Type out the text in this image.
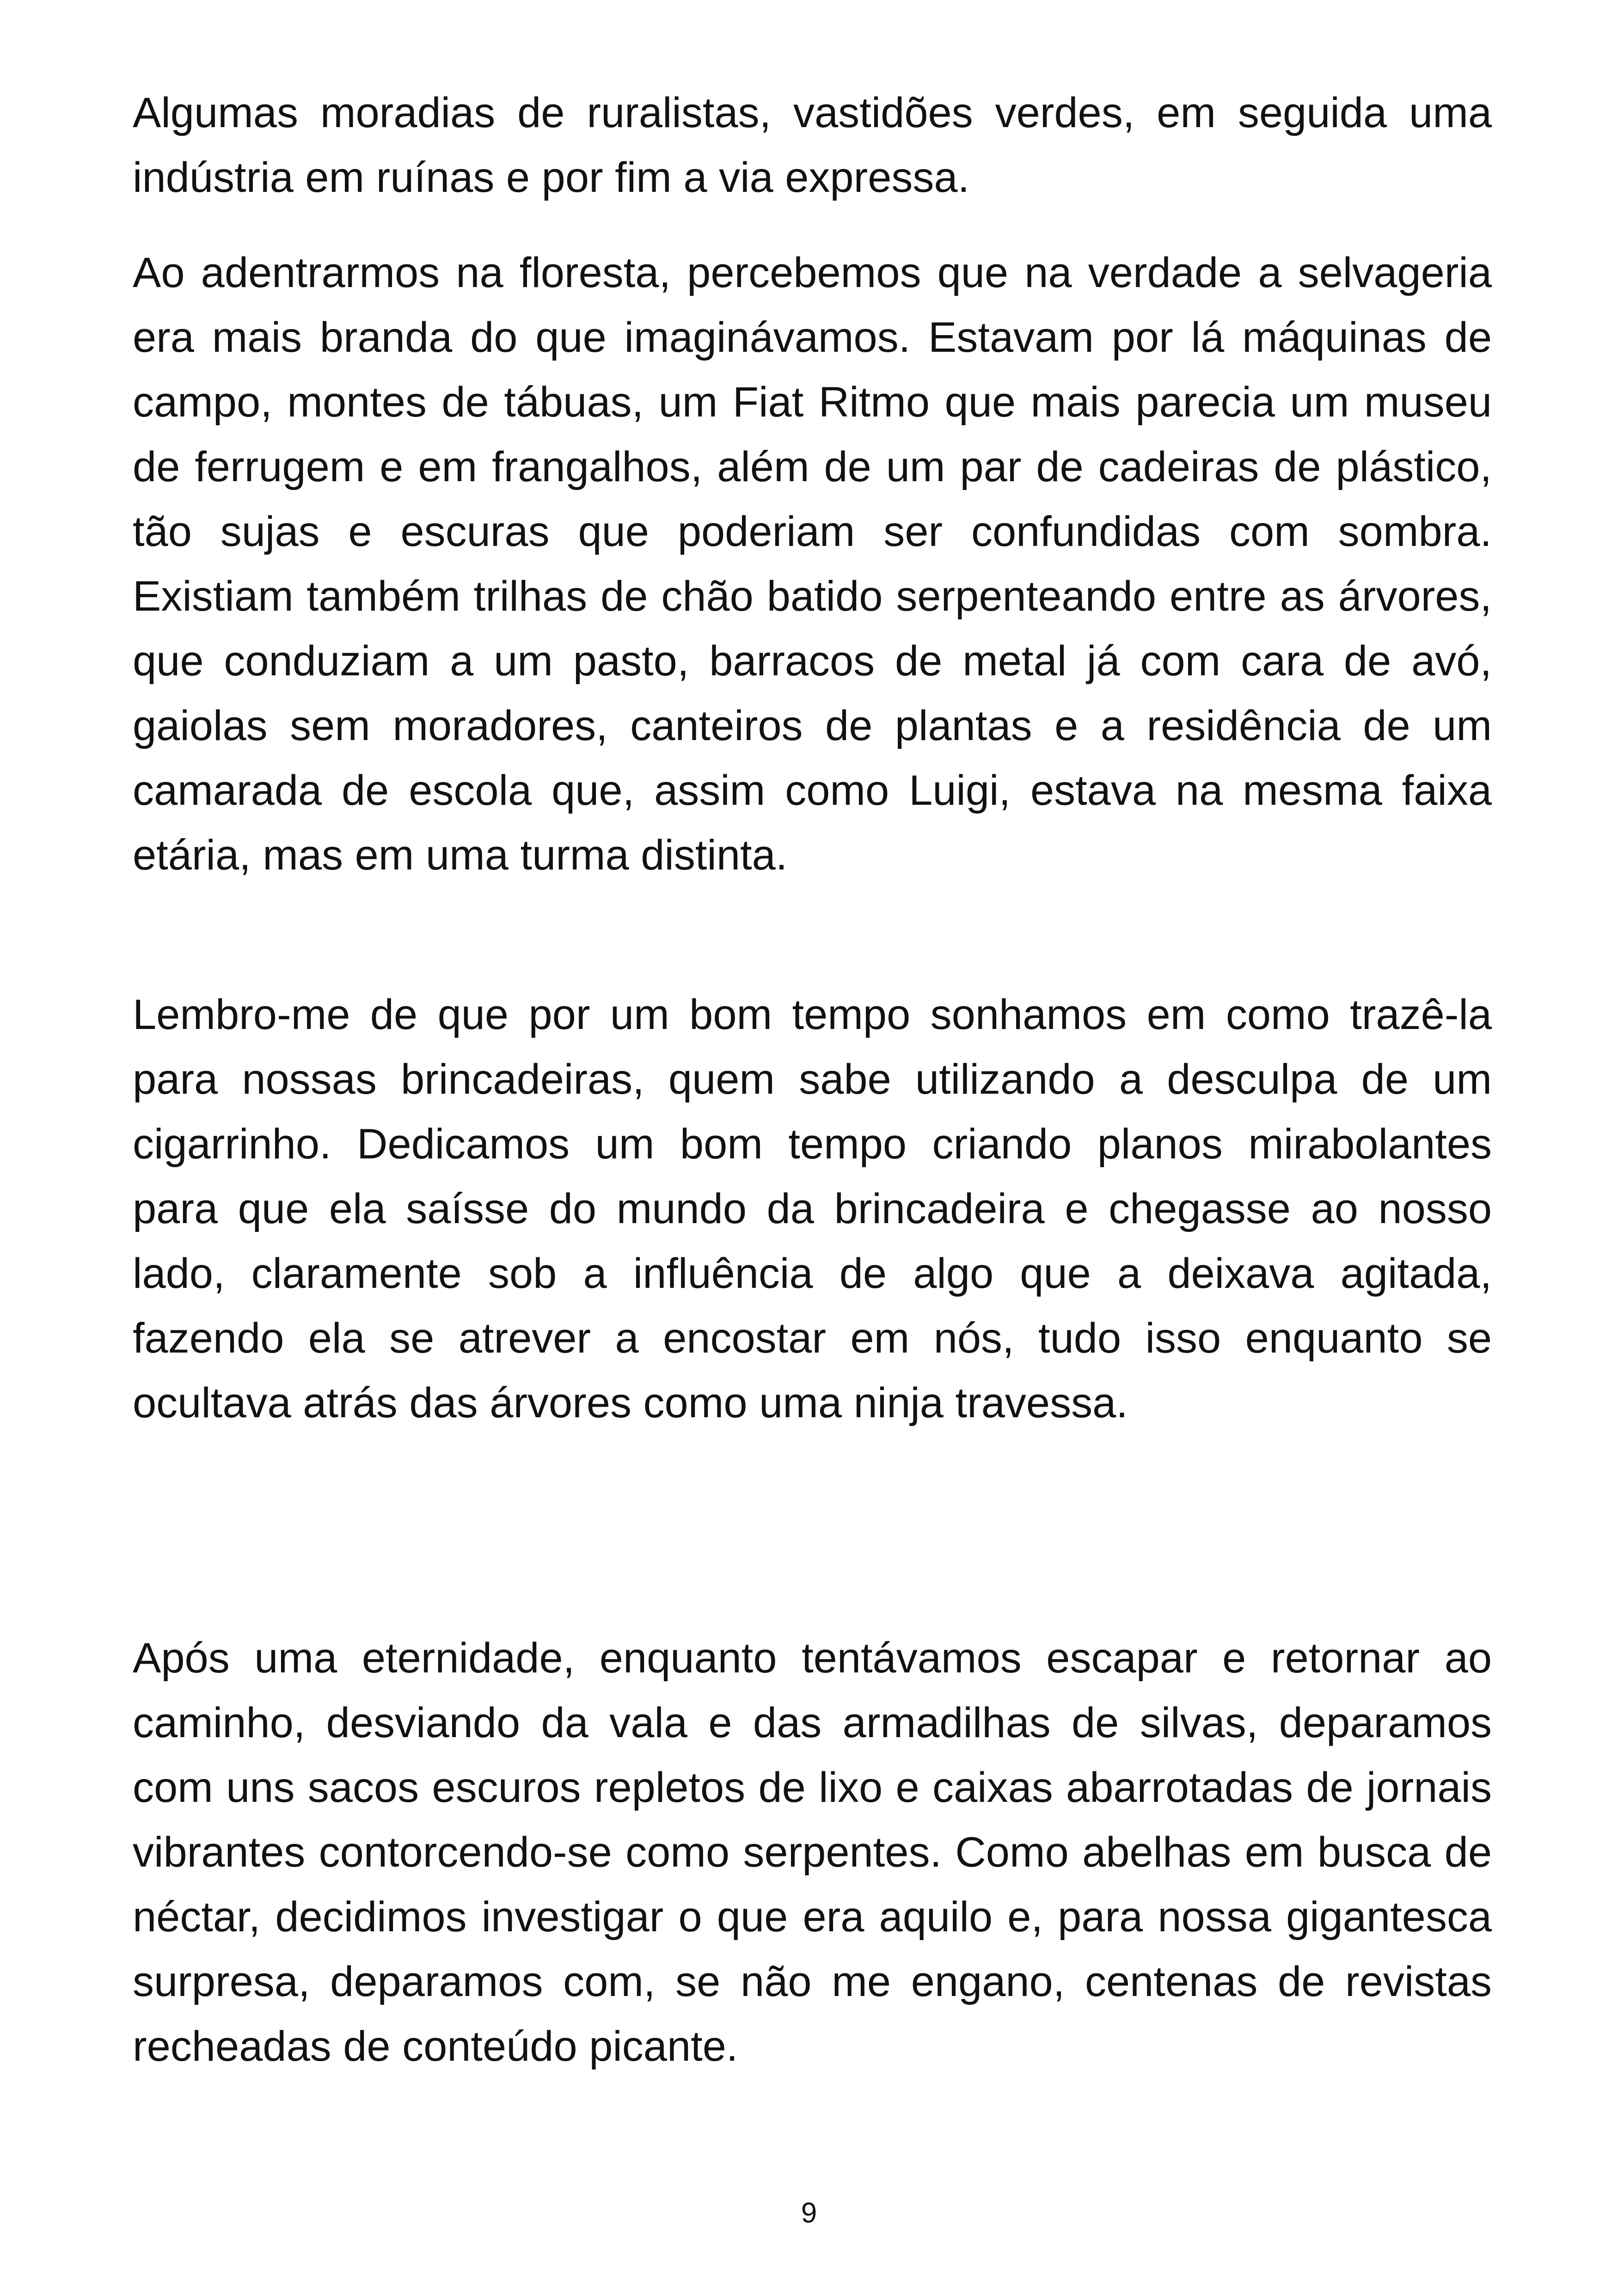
Algumas moradias de ruralistas, vastidões verdes, em seguida uma indústria em ruínas e por fim a via expressa.

Ao adentrarmos na floresta, percebemos que na verdade a selvageria era mais branda do que imaginávamos. Estavam por lá máquinas de campo, montes de tábuas, um Fiat Ritmo que mais parecia um museu de ferrugem e em frangalhos, além de um par de cadeiras de plástico, tão sujas e escuras que poderiam ser confundidas com sombra. Existiam também trilhas de chão batido serpenteando entre as árvores, que conduziam a um pasto, barracos de metal já com cara de avó, gaiolas sem moradores, canteiros de plantas e a residência de um camarada de escola que, assim como Luigi, estava na mesma faixa etária, mas em uma turma distinta.

Lembro-me de que por um bom tempo sonhamos em como trazê-la para nossas brincadeiras, quem sabe utilizando a desculpa de um cigarrinho. Dedicamos um bom tempo criando planos mirabolantes para que ela saísse do mundo da brincadeira e chegasse ao nosso lado, claramente sob a influência de algo que a deixava agitada, fazendo ela se atrever a encostar em nós, tudo isso enquanto se ocultava atrás das árvores como uma ninja travessa.

Após uma eternidade, enquanto tentávamos escapar e retornar ao caminho, desviando da vala e das armadilhas de silvas, deparamos com uns sacos escuros repletos de lixo e caixas abarrotadas de jornais vibrantes contorcendo-se como serpentes. Como abelhas em busca de néctar, decidimos investigar o que era aquilo e, para nossa gigantesca surpresa, deparamos com, se não me engano, centenas de revistas recheadas de conteúdo picante.

9
